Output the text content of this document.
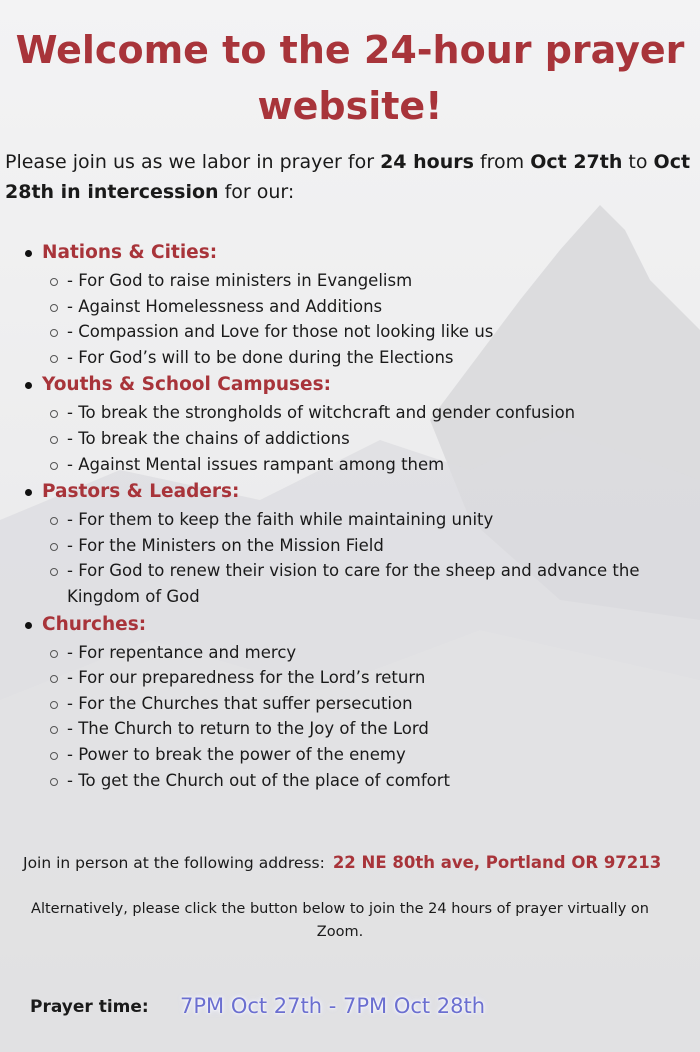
Welcome to the 24-hour prayer website!

Please join us as we labor in prayer for 24 hours from Oct 27th to Oct 28th in intercession for our:

Nations & Cities:
- For God to raise ministers in Evangelism
- Against Homelessness and Additions
- Compassion and Love for those not looking like us
- For God’s will to be done during the Elections
Youths & School Campuses:
- To break the strongholds of witchcraft and gender confusion
- To break the chains of addictions
- Against Mental issues rampant among them
Pastors & Leaders:
- For them to keep the faith while maintaining unity
- For the Ministers on the Mission Field
- For God to renew their vision to care for the sheep and advance the Kingdom of God
Churches:
- For repentance and mercy
- For our preparedness for the Lord’s return
- For the Churches that suffer persecution
- The Church to return to the Joy of the Lord
- Power to break the power of the enemy
- To get the Church out of the place of comfort
Join in person at the following address: 22 NE 80th ave, Portland OR 97213
Alternatively, please click the button below to join the 24 hours of prayer virtually on Zoom.
Prayer time: 7PM Oct 27th - 7PM Oct 28th
